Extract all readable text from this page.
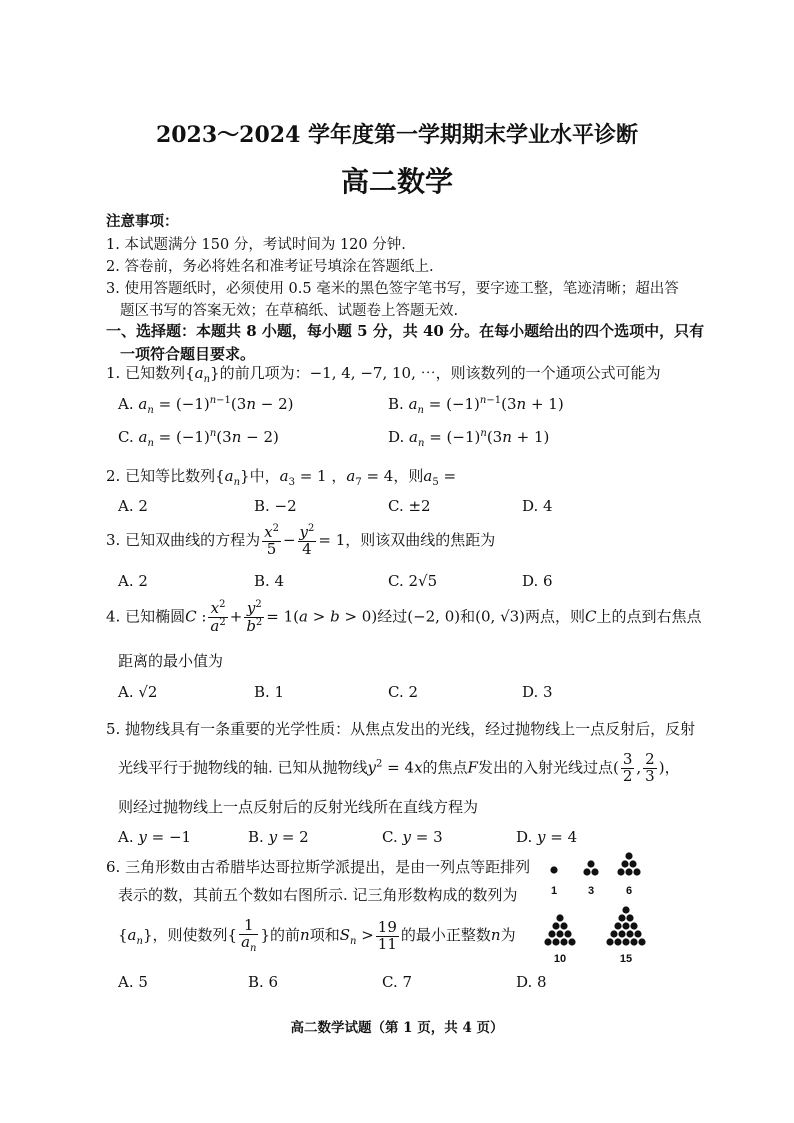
2023～2024 学年度第一学期期末学业水平诊断
高二数学
注意事项：
1. 本试题满分 150 分，考试时间为 120 分钟.
2. 答卷前，务必将姓名和准考证号填涂在答题纸上.
3. 使用答题纸时，必须使用 0.5 毫米的黑色签字笔书写，要字迹工整，笔迹清晰；超出答
题区书写的答案无效；在草稿纸、试题卷上答题无效.
一、选择题：本题共 8 小题，每小题 5 分，共 40 分。在每小题给出的四个选项中，只有
一项符合题目要求。
1. 已知数列$\{a_n\}$的前几项为：−1, 4, −7, 10, ⋯，则该数列的一个通项公式可能为
A. $a_n = (-1)^{n-1}(3n - 2)$	B. $a_n = (-1)^{n-1}(3n + 1)$
C. $a_n = (-1)^n(3n - 2)$	D. $a_n = (-1)^n(3n + 1)$
2. 已知等比数列$\{a_n\}$中，$a_3 = 1$ ，$a_7 = 4$，则$a_5$ =
A. 2	B. −2	C. ±2	D. 4
3. 已知双曲线的方程为 $\frac{x^2}{5} - \frac{y^2}{4} = 1$，则该双曲线的焦距为
A. 2	B. 4	C. 2√5	D. 6
4. 已知椭圆C : $\frac{x^2}{a^2} + \frac{y^2}{b^2} = 1(a > b > 0)$经过(−2, 0)和(0, √3)两点，则C上的点到右焦点
距离的最小值为
A. √2	B. 1	C. 2	D. 3
5. 抛物线具有一条重要的光学性质：从焦点发出的光线，经过抛物线上一点反射后，反射
光线平行于抛物线的轴. 已知从抛物线$y^2 = 4x$的焦点F发出的入射光线过点( $\frac{3}{2}$ , $\frac{2}{3}$ )，
则经过抛物线上一点反射后的反射光线所在直线方程为
A. y = −1	B. y = 2	C. y = 3	D. y = 4
6. 三角形数由古希腊毕达哥拉斯学派提出，是由一列点等距排列
表示的数，其前五个数如右图所示. 记三角形数构成的数列为
$\{a_n\}$，则使数列{ $\frac{1}{a_n}$ }的前n项和$S_n > \frac{19}{11}$ 的最小正整数n为
A. 5	B. 6	C. 7	D. 8
1	3	6
10	15
高二数学试题（第 1 页，共 4 页）
